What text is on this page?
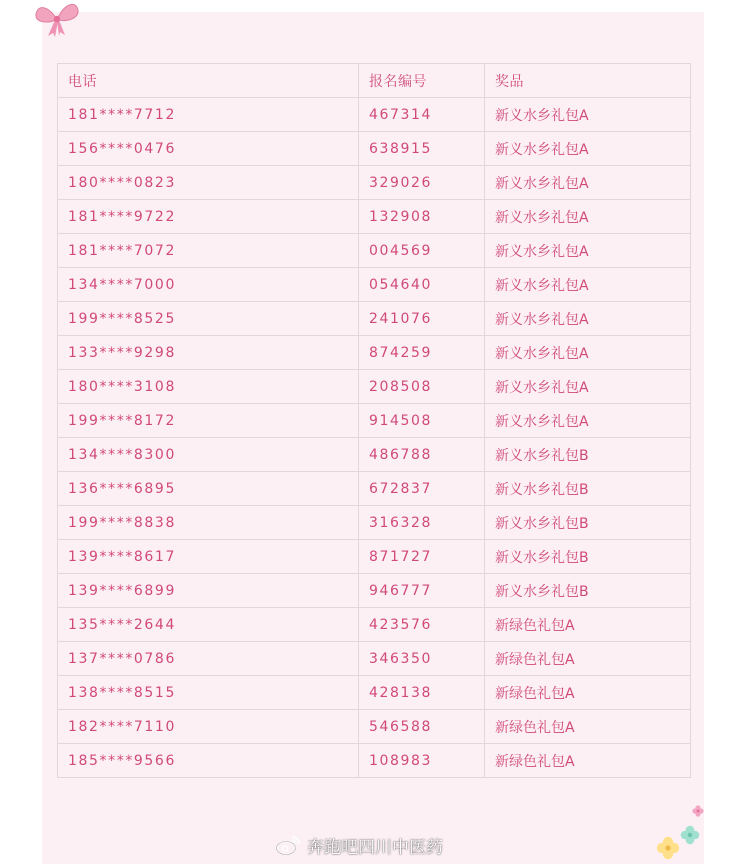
电话	报名编号	奖品
181****7712	467314	新义水乡礼包A
156****0476	638915	新义水乡礼包A
180****0823	329026	新义水乡礼包A
181****9722	132908	新义水乡礼包A
181****7072	004569	新义水乡礼包A
134****7000	054640	新义水乡礼包A
199****8525	241076	新义水乡礼包A
133****9298	874259	新义水乡礼包A
180****3108	208508	新义水乡礼包A
199****8172	914508	新义水乡礼包A
134****8300	486788	新义水乡礼包B
136****6895	672837	新义水乡礼包B
199****8838	316328	新义水乡礼包B
139****8617	871727	新义水乡礼包B
139****6899	946777	新义水乡礼包B
135****2644	423576	新绿色礼包A
137****0786	346350	新绿色礼包A
138****8515	428138	新绿色礼包A
182****7110	546588	新绿色礼包A
185****9566	108983	新绿色礼包A
奔跑吧四川中医药
